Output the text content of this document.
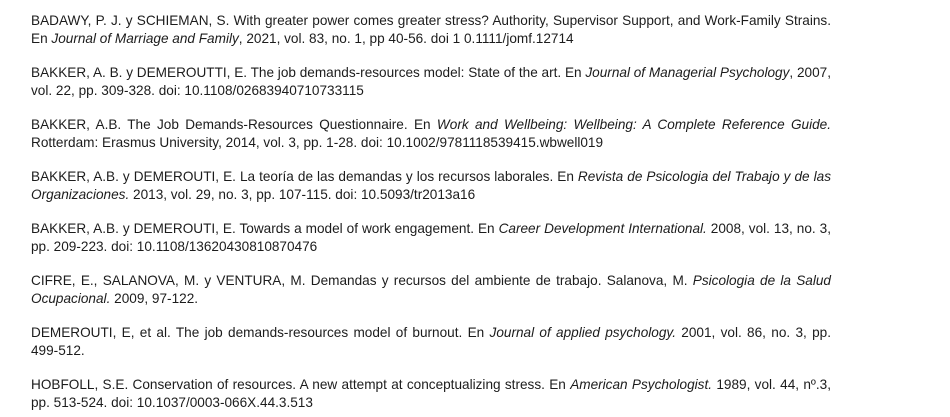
BADAWY, P. J. y SCHIEMAN, S. With greater power comes greater stress? Authority, Supervisor Support, and Work-Family Strains. En Journal of Marriage and Family, 2021, vol. 83, no. 1, pp 40-56. doi 1 0.1111/jomf.12714

BAKKER, A. B. y DEMEROUTTI, E. The job demands-resources model: State of the art. En Journal of Managerial Psychology, 2007, vol. 22, pp. 309-328. doi: 10.1108/02683940710733115

BAKKER, A.B. The Job Demands-Resources Questionnaire. En Work and Wellbeing: Wellbeing: A Complete Reference Guide. Rotterdam: Erasmus University, 2014, vol. 3, pp. 1-28. doi: 10.1002/9781118539415.wbwell019

BAKKER, A.B. y DEMEROUTI, E. La teoría de las demandas y los recursos laborales. En Revista de Psicologia del Trabajo y de las Organizaciones. 2013, vol. 29, no. 3, pp. 107-115. doi: 10.5093/tr2013a16

BAKKER, A.B. y DEMEROUTI, E. Towards a model of work engagement. En Career Development International. 2008, vol. 13, no. 3, pp. 209-223. doi: 10.1108/13620430810870476

CIFRE, E., SALANOVA, M. y VENTURA, M. Demandas y recursos del ambiente de trabajo. Salanova, M. Psicologia de la Salud Ocupacional. 2009, 97-122.

DEMEROUTI, E, et al. The job demands-resources model of burnout. En Journal of applied psychology. 2001, vol. 86, no. 3, pp. 499-512.

HOBFOLL, S.E. Conservation of resources. A new attempt at conceptualizing stress. En American Psychologist. 1989, vol. 44, nº.3, pp. 513-524. doi: 10.1037/0003-066X.44.3.513
